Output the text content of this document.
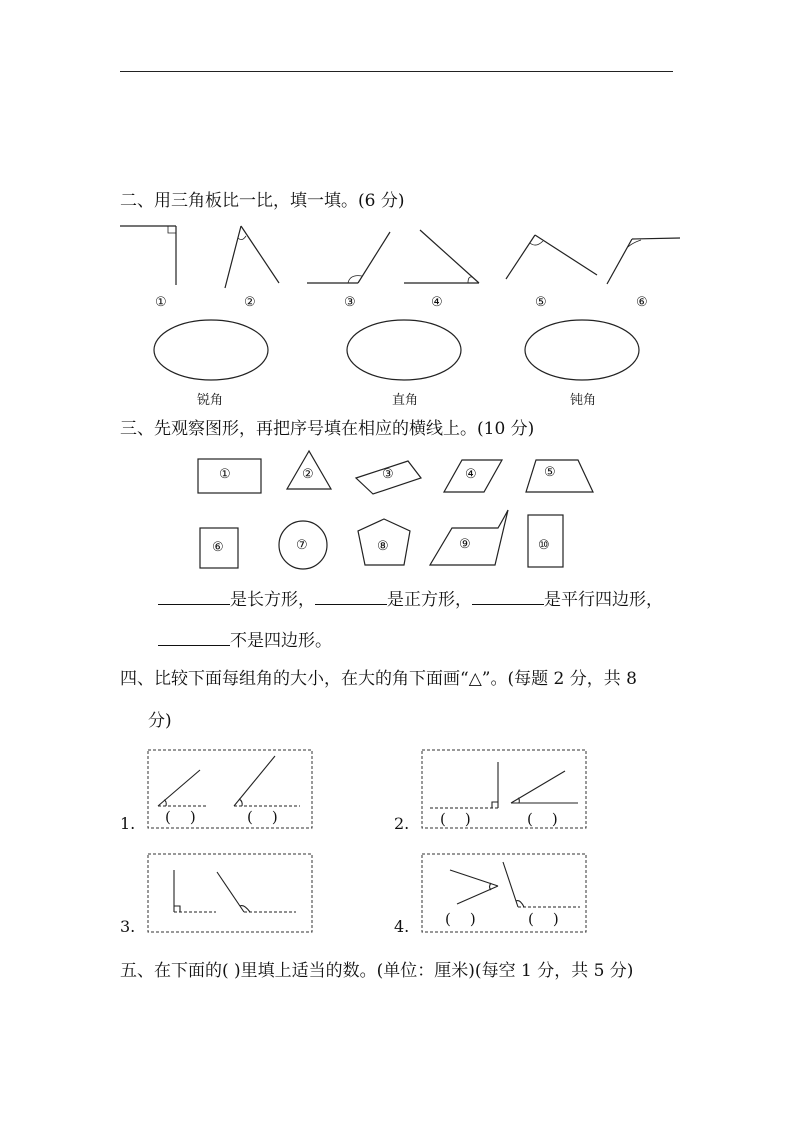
二、用三角板比一比，填一填。(6 分)
①	②	③	④	⑤	⑥
锐角	直角	钝角
三、先观察图形，再把序号填在相应的横线上。(10 分)
①	②	③	④	⑤
⑥	⑦	⑧	⑨	⑩
是长方形，	是正方形，	是平行四边形，
不是四边形。
四、比较下面每组角的大小，在大的角下面画“△”。(每题 2 分，共 8
分)
1.	2.
3.	4.
(    )	(    )	(    )	(    )
(    )	(    )
五、在下面的( )里填上适当的数。(单位：厘米)(每空 1 分，共 5 分)
